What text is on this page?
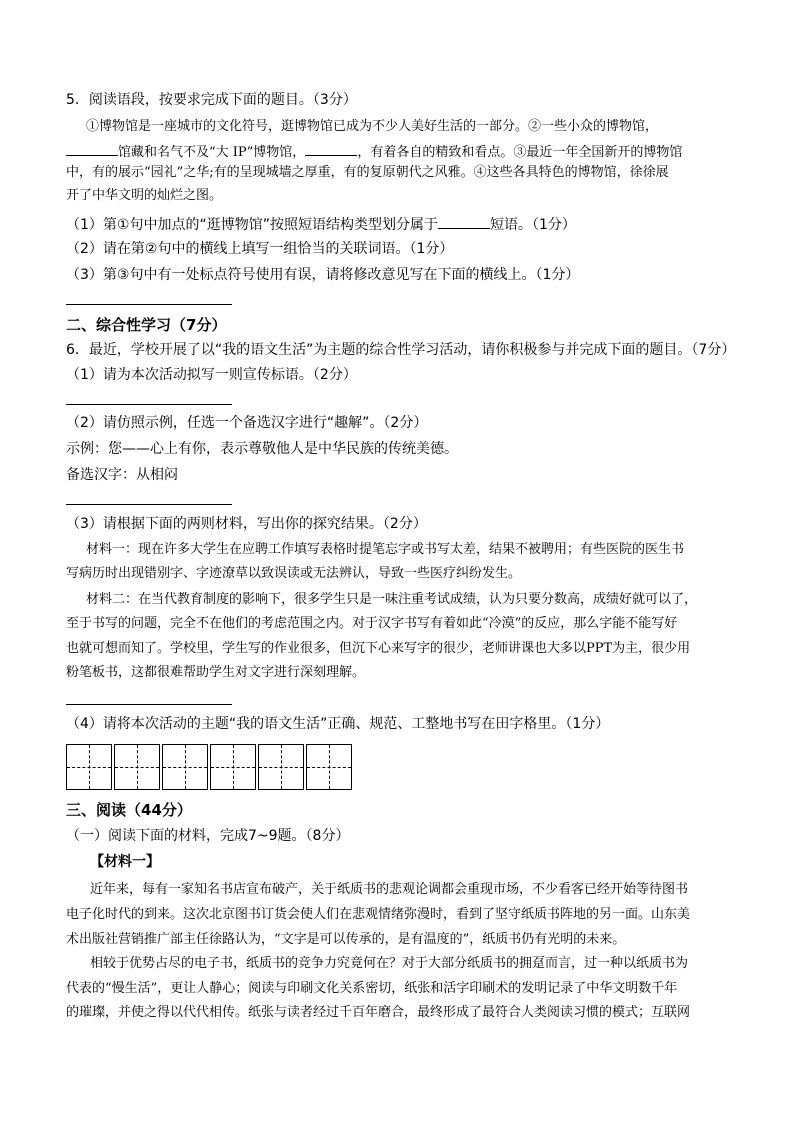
5．阅读语段，按要求完成下面的题目。（3分）
①博物馆是一座城市的文化符号，逛博物馆已成为不少人美好生活的一部分。②一些小众的博物馆，
馆藏和名气不及“大 IP”博物馆，	，有着各自的精致和看点。③最近一年全国新开的博物馆
中，有的展示“园礼”之华;有的呈现城墙之厚重，有的复原朝代之风雅。④这些各具特色的博物馆，徐徐展
开了中华文明的灿烂之图。
（1）第①句中加点的“逛博物馆”按照短语结构类型划分属于	短语。（1分）
（2）请在第②句中的横线上填写一组恰当的关联词语。（1分）
（3）第③句中有一处标点符号使用有误，请将修改意见写在下面的横线上。（1分）
二、综合性学习（7分）
6．最近，学校开展了以“我的语文生活”为主题的综合性学习活动，请你积极参与并完成下面的题目。（7分）
（1）请为本次活动拟写一则宣传标语。（2分）
（2）请仿照示例，任选一个备选汉字进行“趣解”。（2分）
示例：您——心上有你，表示尊敬他人是中华民族的传统美德。
备选汉字：从相闷
（3）请根据下面的两则材料，写出你的探究结果。（2分）
材料一：现在许多大学生在应聘工作填写表格时提笔忘字或书写太差，结果不被聘用；有些医院的医生书
写病历时出现错别字、字迹潦草以致误读或无法辨认，导致一些医疗纠纷发生。
材料二：在当代教育制度的影响下，很多学生只是一味注重考试成绩，认为只要分数高，成绩好就可以了，
至于书写的问题，完全不在他们的考虑范围之内。对于汉字书写有着如此“冷漠”的反应，那么字能不能写好
也就可想而知了。学校里，学生写的作业很多，但沉下心来写字的很少，老师讲课也大多以PPT为主，很少用
粉笔板书，这都很难帮助学生对文字进行深刻理解。
（4）请将本次活动的主题“我的语文生活”正确、规范、工整地书写在田字格里。（1分）
三、阅读（44分）
（一）阅读下面的材料，完成7~9题。（8分）
【材料一】
近年来，每有一家知名书店宣布破产，关于纸质书的悲观论调都会重现市场，不少看客已经开始等待图书
电子化时代的到来。这次北京图书订货会使人们在悲观情绪弥漫时，看到了坚守纸质书阵地的另一面。山东美
术出版社营销推广部主任徐路认为，“文字是可以传承的，是有温度的”，纸质书仍有光明的未来。
相较于优势占尽的电子书，纸质书的竞争力究竟何在？对于大部分纸质书的拥趸而言，过一种以纸质书为
代表的“慢生活”，更让人静心；阅读与印刷文化关系密切，纸张和活字印刷术的发明记录了中华文明数千年
的璀璨，并使之得以代代相传。纸张与读者经过千百年磨合，最终形成了最符合人类阅读习惯的模式；互联网
